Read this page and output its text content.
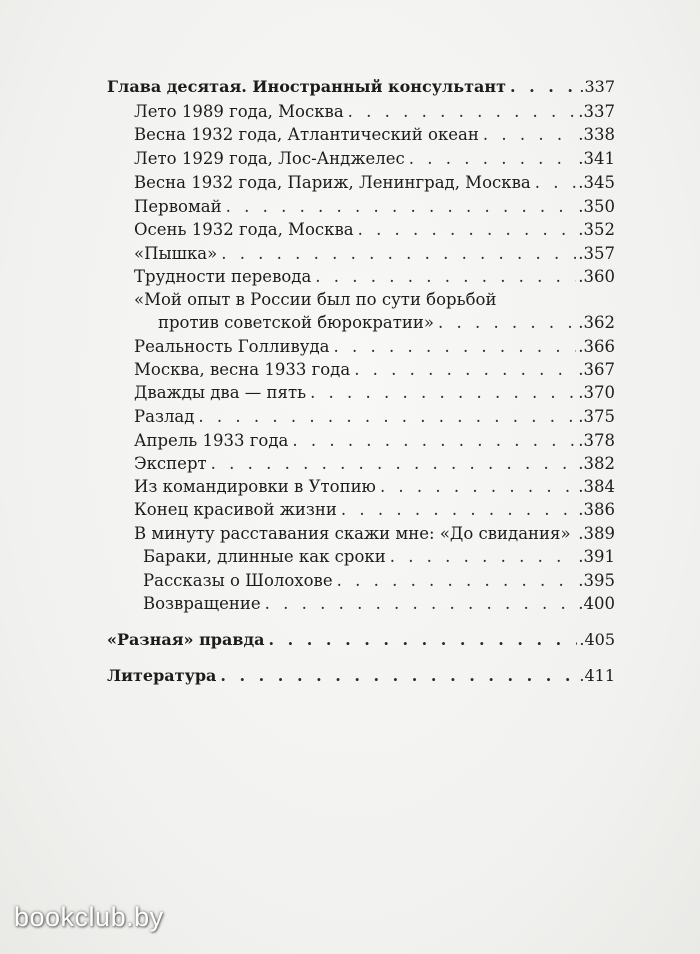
Глава десятая. Иностранный консультант . . .	.337
Лето 1989 года, Москва . . .	.337
Весна 1932 года, Атлантический океан . . .	.338
Лето 1929 года, Лос-Анджелес . . .	.341
Весна 1932 года, Париж, Ленинград, Москва . . .	.345
Первомай . . .	.350
Осень 1932 года, Москва . . .	.352
«Пышка» . . .	.357
Трудности перевода . . .	.360
«Мой опыт в России был по сути борьбой
против советской бюрократии» . . .	.362
Реальность Голливуда . . .	.366
Москва, весна 1933 года . . .	.367
Дважды два — пять . . .	.370
Разлад . . .	.375
Апрель 1933 года . . .	.378
Эксперт . . .	.382
Из командировки в Утопию . . .	.384
Конец красивой жизни . . .	.386
В минуту расставания скажи мне: «До свидания» . . . .389
Бараки, длинные как сроки . . .	.391
Рассказы о Шолохове . . .	.395
Возвращение . . .	.400
«Разная» правда . . .	.405
Литература . . .	.411
bookclub.by
